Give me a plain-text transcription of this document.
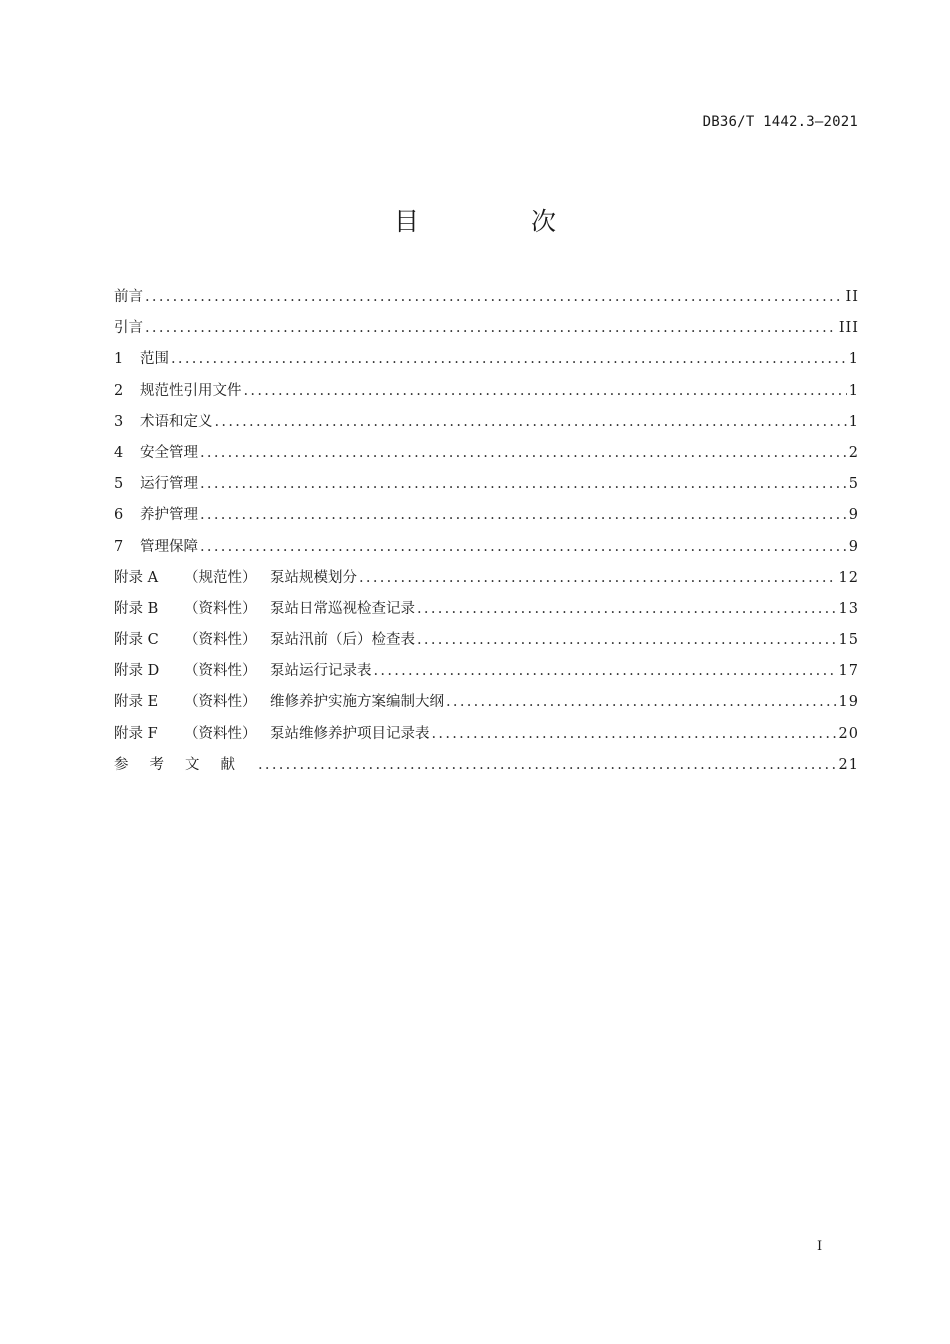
DB36/T 1442.3—2021
目 次
前言 .....	II
引言 .....	III
1	范围 .....	1
2	规范性引用文件 .....	1
3	术语和定义 .....	1
4	安全管理 .....	2
5	运行管理 .....	5
6	养护管理 .....	9
7	管理保障 .....	9
附录 A	（规范性） 泵站规模划分 .....	12
附录 B	（资料性） 泵站日常巡视检查记录 .....	13
附录 C	（资料性） 泵站汛前（后）检查表 .....	15
附录 D	（资料性） 泵站运行记录表 .....	17
附录 E	（资料性） 维修养护实施方案编制大纲 .....	19
附录 F	（资料性） 泵站维修养护项目记录表 .....	20
参考文献 .....	21
I
